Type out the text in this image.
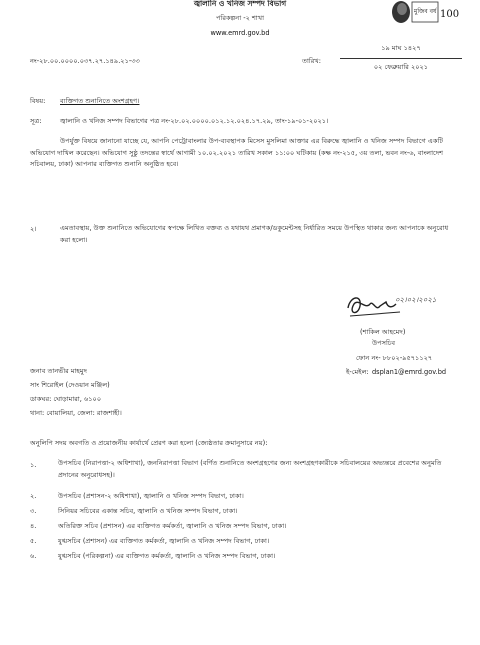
মুজিব বর্ষ 100
জ্বালানি ও খনিজ সম্পদ বিভাগ
পরিকল্পনা -২ শাখা
www.emrd.gov.bd
নং-২৮.০০.০০০০.০৩৭.২৭.১৪৯.২১-৩৩	তারিখ:
১৯ মাঘ ১৪২৭
০২ ফেব্রুয়ারি ২০২১
বিষয়: ব্যক্তিগত শুনানিতে অংশগ্রহণ।
সূত্র:	জ্বালানি ও খনিজ সম্পদ বিভাগের পত্র নং-২৮.০২.০০০০.০১২.১২.০২৪.১৭.২৯, তাং-১৯-০১-২০২১।
উপর্যুক্ত বিষয়ে জানানো যাচ্ছে যে, আপনি পেট্রোবাংলার উপ-ব্যবস্থাপক মিসেস মুসলিমা আক্তার এর বিরুদ্ধে জ্বালানি ও খনিজ সম্পদ বিভাগে একটি অভিযোগ দাখিল করেছেন। অভিযোগ সুষ্ঠু তদন্তের স্বার্থে আগামী ১০.০২.২০২১ তারিখ সকাল ১১:০০ ঘটিকায় (কক্ষ নং-২১৫, ৩য় তলা, ভবন নং-৬, বাংলাদেশ সচিবালয়, ঢাকা) আপনার ব্যক্তিগত শুনানি অনুষ্ঠিত হবে।
২।	এমতাবস্থায়, উক্ত শুনানিতে অভিযোগের স্বপক্ষে লিখিত বক্তব্য ও যথাযথ প্রমাণক/ডকুমেন্টসহ নির্ধারিত সময়ে উপস্থিত থাকার জন্য আপনাকে অনুরোধ করা হলো।
০২।০২।২০২১
(শাকিল আহমেদ)
উপসচিব
ফোন নং- ৮৮০২-৯৫৭১১২৭
ই-মেইল: dsplan1@emrd.gov.bd
জনাব তানভীর মাহমুদ
সাং শিরোইল (দেওয়ান মঞ্জিল)
ডাকঘর: ঘোড়ামারা, ৬১০০
থানা: বোয়ালিয়া, জেলা: রাজশাহী।
অনুলিপি সদয় অবগতি ও প্রয়োজনীয় কার্যার্থে প্রেরণ করা হলো (জ্যেষ্ঠতার ক্রমানুসারে নয়):
১.	উপসচিব (নিরাপত্তা-২ অধিশাখা), জননিরাপত্তা বিভাগ (বর্ণিত শুনানিতে অংশগ্রহণের জন্য অংশগ্রহণকারীকে সচিবালয়ের অভ্যন্তরে প্রবেশের অনুমতি প্রদানের অনুরোধসহ)।
২.	উপসচিব (প্রশাসন-২ অধিশাখা), জ্বালানি ও খনিজ সম্পদ বিভাগ, ঢাকা।
৩.	সিনিয়র সচিবের একান্ত সচিব, জ্বালানি ও খনিজ সম্পদ বিভাগ, ঢাকা।
৪.	অতিরিক্ত সচিব (প্রশাসন) এর ব্যক্তিগত কর্মকর্তা, জ্বালানি ও খনিজ সম্পদ বিভাগ, ঢাকা।
৫.	যুগ্মসচিব (প্রশাসন) এর ব্যক্তিগত কর্মকর্তা, জ্বালানি ও খনিজ সম্পদ বিভাগ, ঢাকা।
৬.	যুগ্মসচিব (পরিকল্পনা) এর ব্যক্তিগত কর্মকর্তা, জ্বালানি ও খনিজ সম্পদ বিভাগ, ঢাকা।
